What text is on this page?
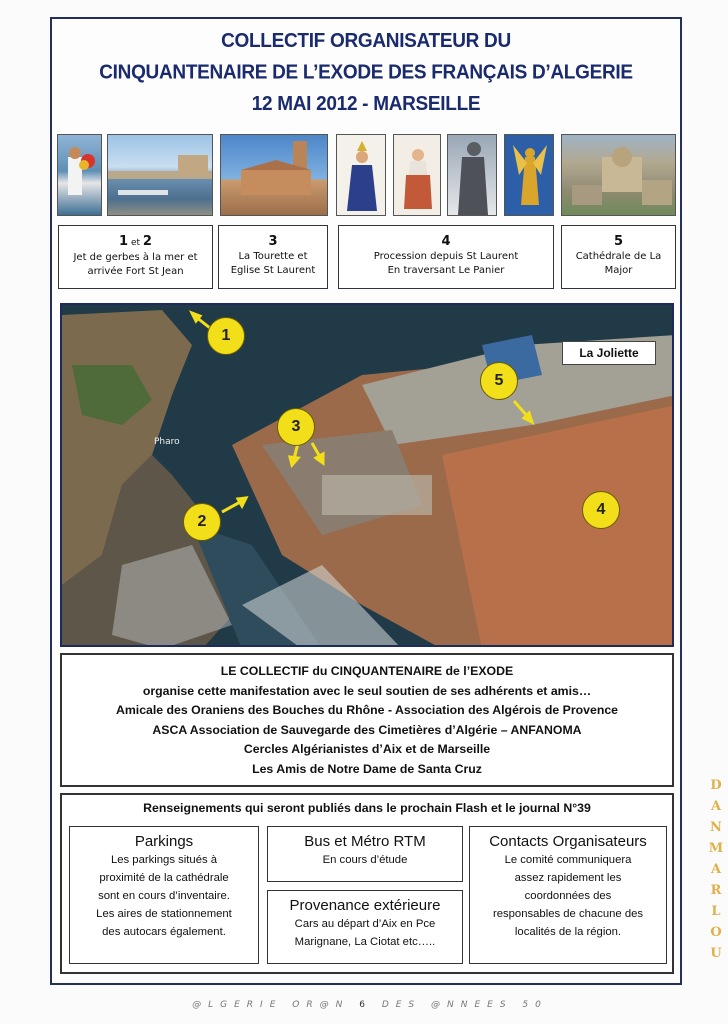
COLLECTIF ORGANISATEUR DU
CINQUANTENAIRE DE L’EXODE DES FRANÇAIS D’ALGERIE
12 MAI 2012 - MARSEILLE
1 et 2
Jet de gerbes à la mer et
arrivée Fort St Jean
3
La Tourette et
Eglise St Laurent
4
Procession depuis St Laurent
En traversant Le Panier
5
Cathédrale de La
Major
1
2
3
4
5
Pharo
La Joliette
LE COLLECTIF du CINQUANTENAIRE de l’EXODE
organise cette manifestation avec le seul soutien de ses adhérents et amis…
Amicale des Oraniens des Bouches du Rhône - Association des Algérois de Provence
ASCA Association de Sauvegarde des Cimetières d’Algérie – ANFANOMA
Cercles Algérianistes d’Aix et de Marseille
Les Amis de Notre Dame de Santa Cruz
Renseignements qui seront publiés dans le prochain Flash et le journal N°39
Parkings
Les parkings situés à
proximité de la cathédrale
sont en cours d’inventaire.
Les aires de stationnement
des autocars également.
Bus et Métro RTM
En cours d’étude
Provenance extérieure
Cars au départ d’Aix en Pce
Marignane, La Ciotat etc…..
Contacts Organisateurs
Le comité communiquera
assez rapidement les
coordonnées des
responsables de chacune des
localités de la région.
@LGERIE OR@N 6 DES @NNEES 50
D
A
N
M
A
R
L
O
U
